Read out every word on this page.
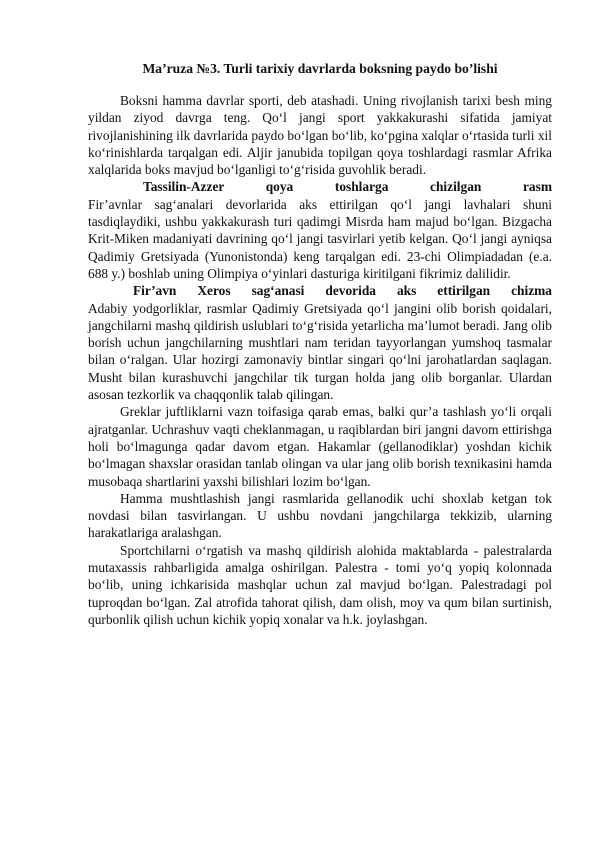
Ma’ruza №3. Turli tarixiy davrlarda boksning paydo bo’lishi

Boksni hamma davrlar sporti, deb atashadi. Uning rivojlanish tarixi besh ming yildan ziyod davrga teng. Qo‘l jangi sport yakkakurashi sifatida jamiyat rivojlanishining ilk davrlarida paydo bo‘lgan bo‘lib, ko‘pgina xalqlar o‘rtasida turli xil ko‘rinishlarda tarqalgan edi. Aljir janubida topilgan qoya toshlardagi rasmlar Afrika xalqlarida boks mavjud bo‘lganligi to‘g‘risida guvohlik beradi.

Tassilin-Azzer qoya toshlarga chizilgan rasm

Fir’avnlar sag‘analari devorlarida aks ettirilgan qo‘l jangi lavhalari shuni tasdiqlaydiki, ushbu yakkakurash turi qadimgi Misrda ham majud bo‘lgan. Bizgacha Krit-Miken madaniyati davrining qo‘l jangi tasvirlari yetib kelgan. Qo‘l jangi ayniqsa Qadimiy Gretsiyada (Yunonistonda) keng tarqalgan edi. 23-chi Olimpiadadan (e.a. 688 y.) boshlab uning Olimpiya o‘yinlari dasturiga kiritilgani fikrimiz dalilidir.

Fir’avn Xeros sag‘anasi devorida aks ettirilgan chizma

Adabiy yodgorliklar, rasmlar Qadimiy Gretsiyada qo‘l jangini olib borish qoidalari, jangchilarni mashq qildirish uslublari to‘g‘risida yetarlicha ma’lumot beradi. Jang olib borish uchun jangchilarning mushtlari nam teridan tayyorlangan yumshoq tasmalar bilan o‘ralgan. Ular hozirgi zamonaviy bintlar singari qo‘lni jarohatlardan saqlagan. Musht bilan kurashuvchi jangchilar tik turgan holda jang olib borganlar. Ulardan asosan tezkorlik va chaqqonlik talab qilingan.

Greklar juftliklarni vazn toifasiga qarab emas, balki qur’a tashlash yo‘li orqali ajratganlar. Uchrashuv vaqti cheklanmagan, u raqiblardan biri jangni davom ettirishga holi bo‘lmagunga qadar davom etgan. Hakamlar (gellanodiklar) yoshdan kichik bo‘lmagan shaxslar orasidan tanlab olingan va ular jang olib borish texnikasini hamda musobaqa shartlarini yaxshi bilishlari lozim bo‘lgan.

Hamma mushtlashish jangi rasmlarida gellanodik uchi shoxlab ketgan tok novdasi bilan tasvirlangan. U ushbu novdani jangchilarga tekkizib, ularning harakatlariga aralashgan.

Sportchilarni o‘rgatish va mashq qildirish alohida maktablarda - palestralarda mutaxassis rahbarligida amalga oshirilgan. Palestra - tomi yo‘q yopiq kolonnada bo‘lib, uning ichkarisida mashqlar uchun zal mavjud bo‘lgan. Palestradagi pol tuproqdan bo‘lgan. Zal atrofida tahorat qilish, dam olish, moy va qum bilan surtinish, qurbonlik qilish uchun kichik yopiq xonalar va h.k. joylashgan.
